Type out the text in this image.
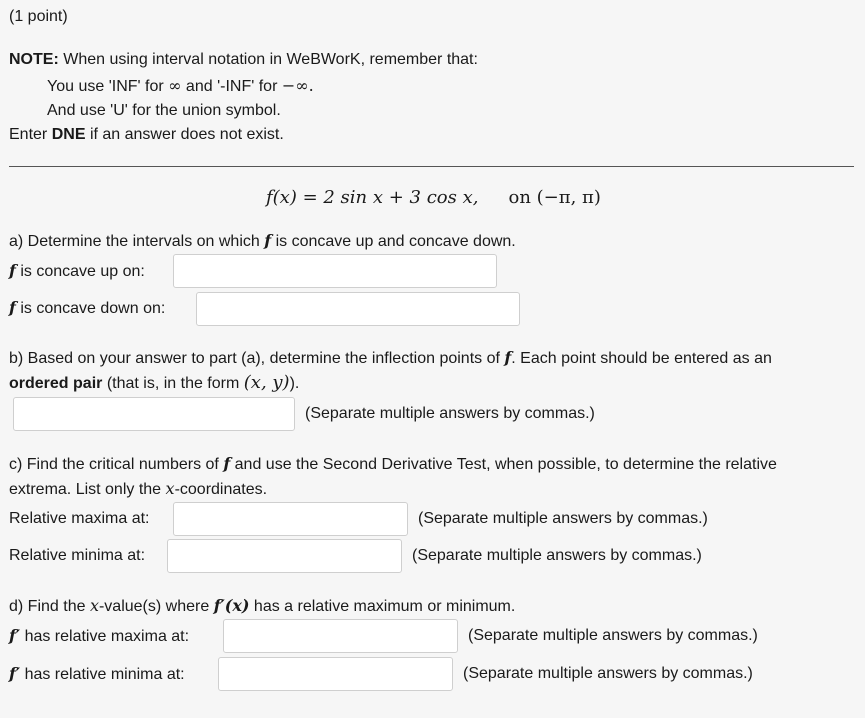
(1 point)
NOTE: When using interval notation in WeBWorK, remember that:
You use 'INF' for ∞ and '-INF' for −∞.
And use 'U' for the union symbol.
Enter DNE if an answer does not exist.
f(x) = 2 sin x + 3 cos x, on (−π, π)
a) Determine the intervals on which f is concave up and concave down.
f is concave up on:
f is concave down on:
b) Based on your answer to part (a), determine the inflection points of f. Each point should be entered as an
ordered pair (that is, in the form (x, y)).
(Separate multiple answers by commas.)
c) Find the critical numbers of f and use the Second Derivative Test, when possible, to determine the relative
extrema. List only the x-coordinates.
Relative maxima at:	(Separate multiple answers by commas.)
Relative minima at:	(Separate multiple answers by commas.)
d) Find the x-value(s) where f′(x) has a relative maximum or minimum.
f′ has relative maxima at:	(Separate multiple answers by commas.)
f′ has relative minima at:	(Separate multiple answers by commas.)
